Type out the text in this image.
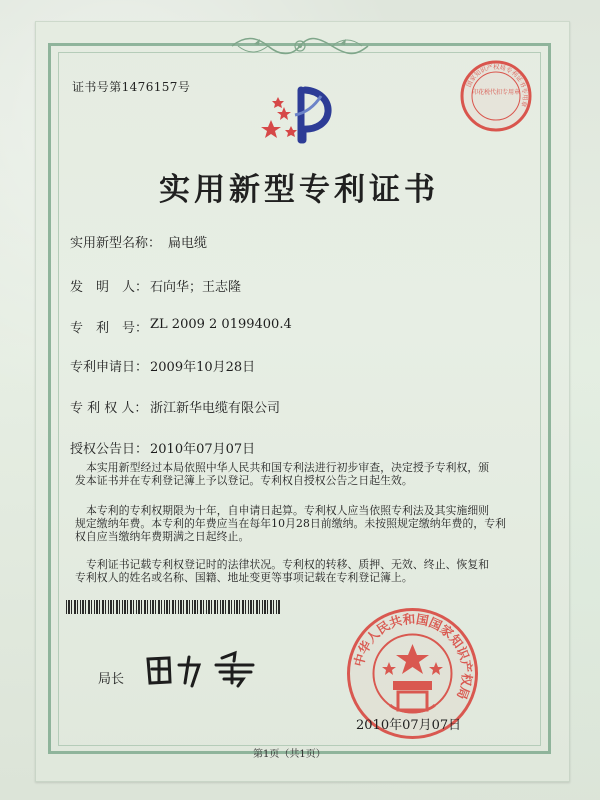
证书号第1476157号
实用新型专利证书
实用新型名称： 扁电缆
发　明　人： 石向华；王志隆
专　利　号： ZL 2009 2 0199400.4
专利申请日： 2009年10月28日
专 利 权 人： 浙江新华电缆有限公司
授权公告日： 2010年07月07日
本实用新型经过本局依照中华人民共和国专利法进行初步审查，决定授予专利权，颁
发本证书并在专利登记簿上予以登记。专利权自授权公告之日起生效。
本专利的专利权期限为十年，自申请日起算。专利权人应当依照专利法及其实施细则
规定缴纳年费。本专利的年费应当在每年10月28日前缴纳。未按照规定缴纳年费的，专利
权自应当缴纳年费期满之日起终止。
专利证书记载专利权登记时的法律状况。专利权的转移、质押、无效、终止、恢复和
专利权人的姓名或名称、国籍、地址变更等事项记载在专利登记簿上。
局长
国家知识产权局专利证书专用章
印花税代扣专用章
中华人民共和国国家知识产权局
2010年07月07日
第1页（共1页）
